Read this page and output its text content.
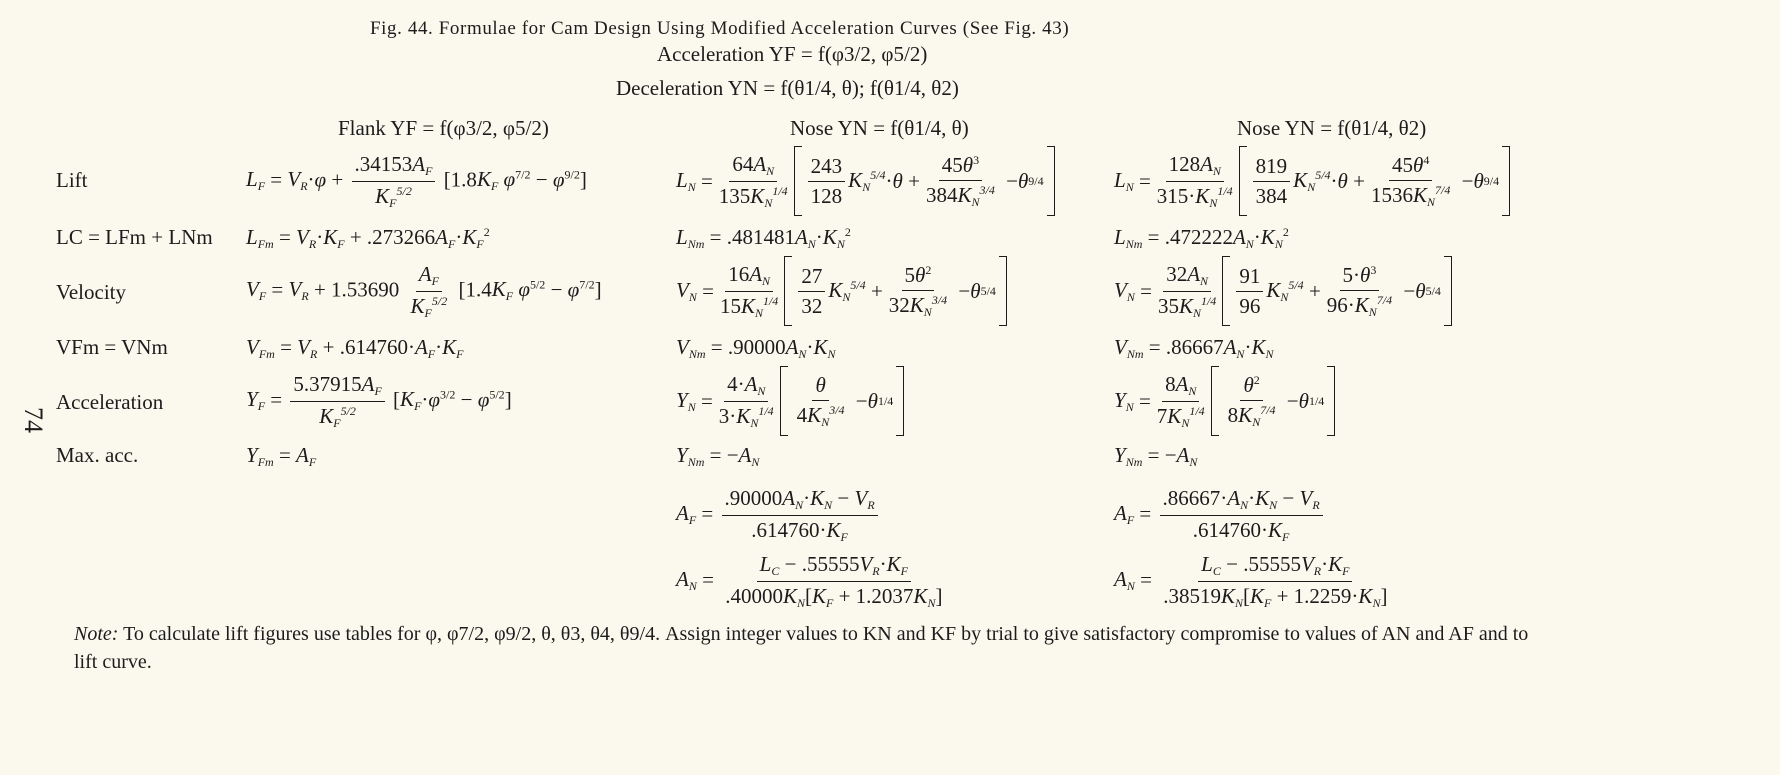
Fig. 44. Formulae for Cam Design Using Modified Acceleration Curves (See Fig. 43)
Acceleration YF = f(φ3/2, φ5/2)
Deceleration YN = f(θ1/4, θ); f(θ1/4, θ2)
Flank YF = f(φ3/2, φ5/2)	Nose YN = f(θ1/4, θ)	Nose YN = f(θ1/4, θ2)
Lift
LC = LFm + LNm
Velocity
VFm = VNm
Acceleration
Max. acc.
$L_F = V_R\cdot\varphi + \frac{.34153A_F}{K_F^{5/2}} [1.8K_F$ $\varphi^{7/2} - \varphi^{9/2}$]
$L_{Fm} = V_R\cdot K_F + .273266A_F\cdot K_F^2$
$V_F = V_R + 1.53690 \frac{A_F}{K_F^{5/2}} [1.4K_F$ $\varphi^{5/2} - \varphi^{7/2}$]
$V_{Fm} = V_R + .614760\cdot A_F\cdot K_F$
$Y_F = \frac{5.37915A_F}{K_F^{5/2}} [K_F\cdot\varphi^{3/2} - \varphi^{5/2}]$
$Y_{Fm} = A_F$
$L_N = \frac{64A_N}{135K_N^{1/4}} \frac{243}{128} K_N^{5/4} \cdot \theta + \frac{45\theta^3}{384K_N^{3/4}} - \theta$ 9/4
$L_{Nm} = .481481A_N\cdot K_N^2$
$V_N = \frac{16A_N}{15K_N^{1/4}} \frac{27}{32} K_N^{5/4} + \frac{5\theta^2}{32K_N^{3/4}} - \theta$ 5/4
$V_{Nm} = .90000A_N\cdot K_N$
$Y_N = \frac{4\cdot A_N}{3\cdot K_N^{1/4}} \frac{\theta}{4K_N^{3/4}} - \theta$ 1/4
$Y_{Nm} = -A_N$
$A_F = \frac{.90000A_N\cdot K_N - V_R}{.614760\cdot K_F}$
$A_N = \frac{L_C - .55555V_R\cdot K_F}{.40000K_N[K_F + 1.2037K_N]}$
$L_N = \frac{128A_N}{315\cdot K_N^{1/4}} \frac{819}{384} K_N^{5/4} \cdot \theta + \frac{45\theta^4}{1536K_N^{7/4}} - \theta$ 9/4
$L_{Nm} = .472222A_N\cdot K_N^2$
$V_N = \frac{32A_N}{35K_N^{1/4}} \frac{91}{96} K_N^{5/4} + \frac{5\cdot\theta^3}{96\cdot K_N^{7/4}} - \theta$ 5/4
$V_{Nm} = .86667A_N\cdot K_N$
$Y_N = \frac{8A_N}{7K_N^{1/4}} \frac{\theta^2}{8K_N^{7/4}} - \theta$ 1/4
$Y_{Nm} = -A_N$
$A_F = \frac{.86667\cdot A_N\cdot K_N - V_R}{.614760\cdot K_F}$
$A_N = \frac{L_C - .55555V_R\cdot K_F}{.38519K_N[K_F + 1.2259\cdot K_N]}$
Note: To calculate lift figures use tables for φ, φ7/2, φ9/2, θ, θ3, θ4, θ9/4. Assign integer values to KN and KF by trial to give satisfactory compromise to values of AN and AF and to lift curve.
74
